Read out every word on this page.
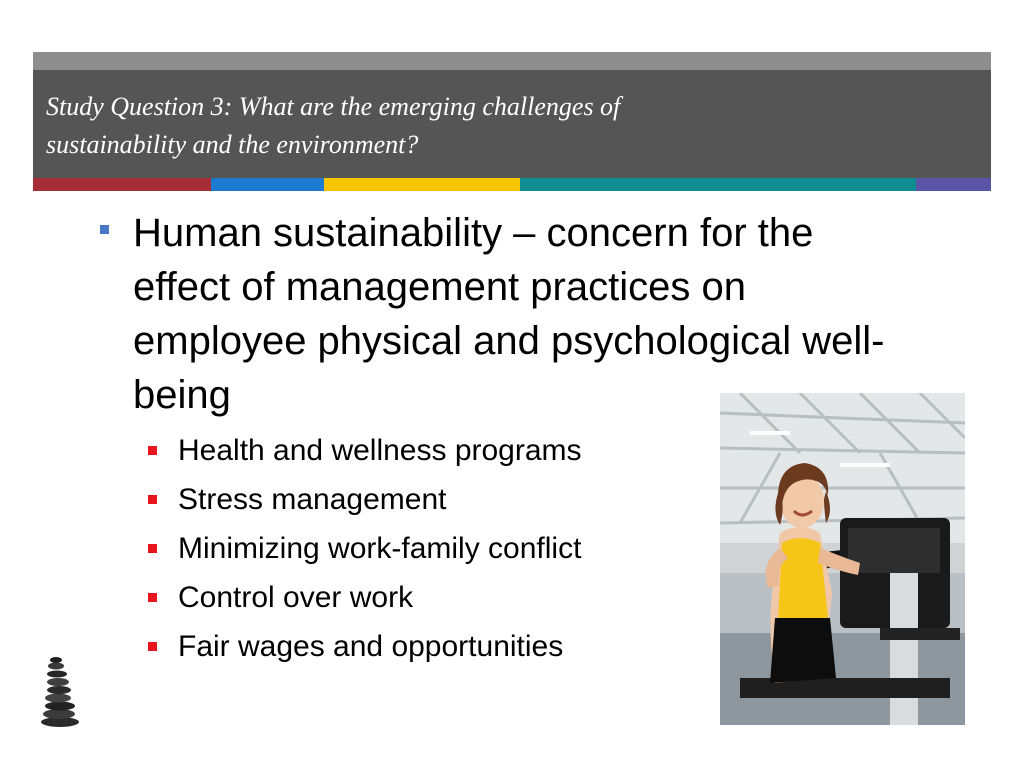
Study Question 3: What are the emerging challenges of
sustainability and the environment?

Human sustainability – concern for the effect of management practices on employee physical and psychological well-being

Health and wellness programs
Stress management
Minimizing work-family conflict
Control over work
Fair wages and opportunities
